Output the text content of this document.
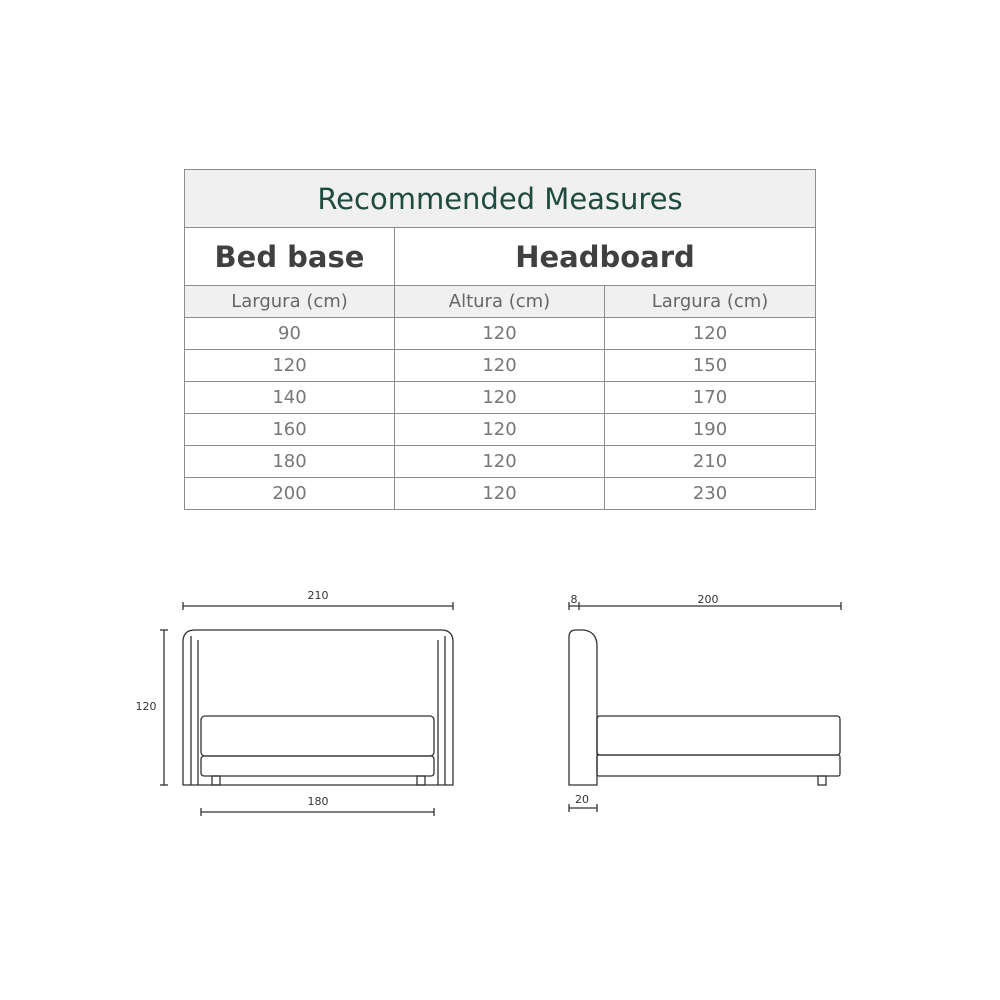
Recommended Measures		
Bed base	Headboard	
Largura (cm)	Altura (cm)	Largura (cm)
90	120	120
120	120	150
140	120	170
160	120	190
180	120	210
200	120	230
210
120
180
8	200
20
